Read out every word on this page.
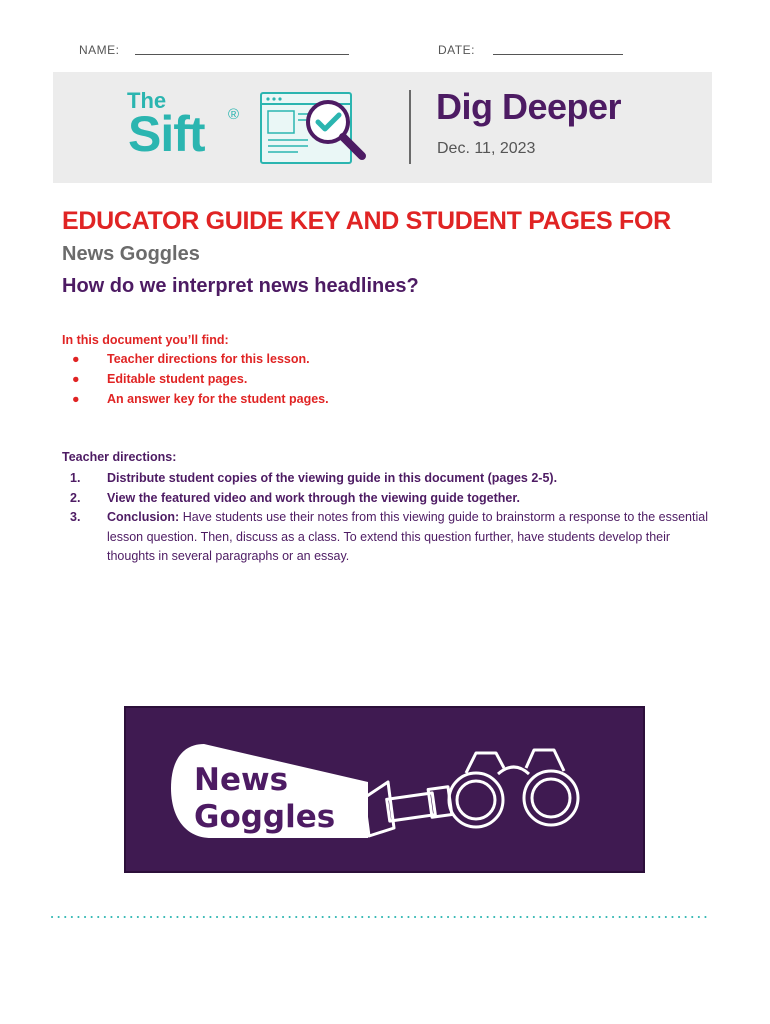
NAME:	DATE:
The
Sift ®	Dig Deeper
Dec. 11, 2023
EDUCATOR GUIDE KEY AND STUDENT PAGES FOR
News Goggles
How do we interpret news headlines?
In this document you’ll find:
●	Teacher directions for this lesson.
●	Editable student pages.
●	An answer key for the student pages.
Teacher directions:
1.	Distribute student copies of the viewing guide in this document (pages 2-5).
2.	View the featured video and work through the viewing guide together.
3.	Conclusion: Have students use their notes from this viewing guide to brainstorm a response to the essential lesson question. Then, discuss as a class. To extend this question further, have students develop their thoughts in several paragraphs or an essay.
News
Goggles
